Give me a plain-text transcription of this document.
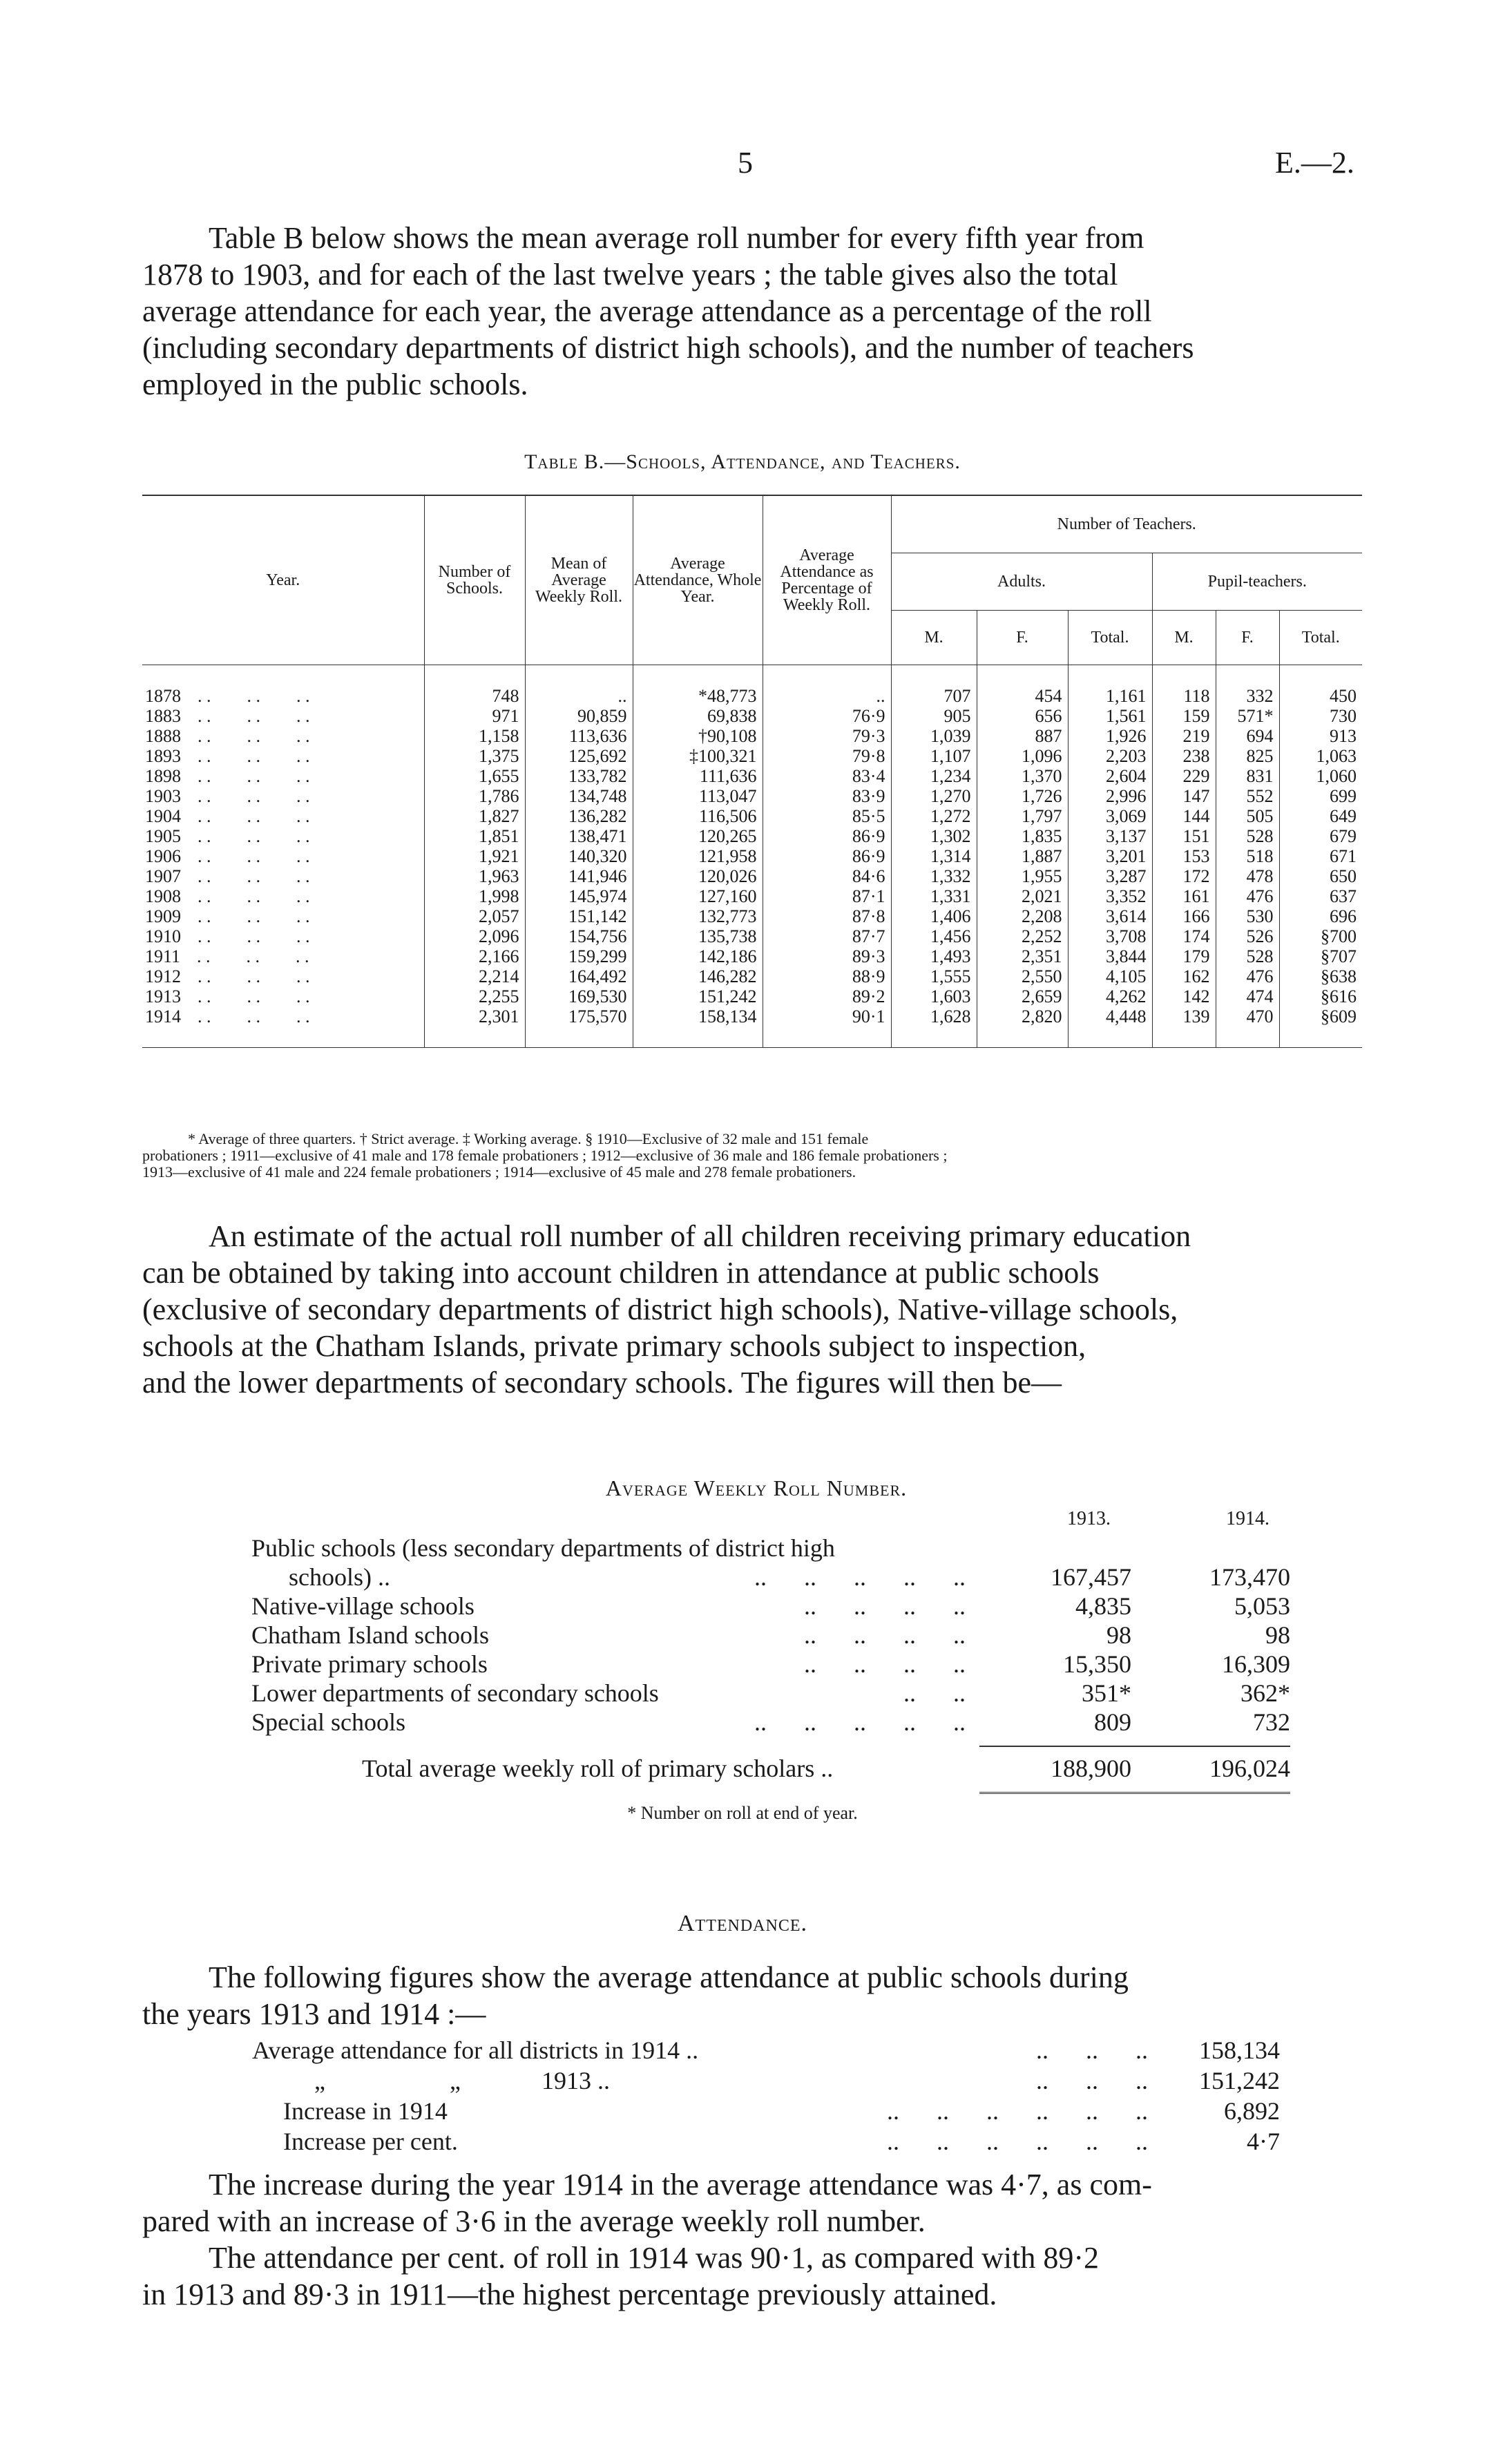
5	E.—2.
Table B below shows the mean average roll number for every fifth year from
1878 to 1903, and for each of the last twelve years ; the table gives also the total
average attendance for each year, the average attendance as a percentage of the roll
(including secondary departments of district high schools), and the number of teachers
employed in the public schools.
Table B.—Schools, Attendance, and Teachers.
Year.	Number of Schools.	Mean of Average Weekly Roll.	Average Attendance, Whole Year.	Average Attendance as Percentage of Weekly Roll.	Number of Teachers.					
					Adults.			Pupil-teachers.		
					M.	F.	Total.	M.	F.	Total.
1878 . .        . .        . .	748	..	*48,773	..	707	454	1,161	118	332	450
1883 . .        . .        . .	971	90,859	69,838	76·9	905	656	1,561	159	571*	730
1888 . .        . .        . .	1,158	113,636	†90,108	79·3	1,039	887	1,926	219	694	913
1893 . .        . .        . .	1,375	125,692	‡100,321	79·8	1,107	1,096	2,203	238	825	1,063
1898 . .        . .        . .	1,655	133,782	111,636	83·4	1,234	1,370	2,604	229	831	1,060
1903 . .        . .        . .	1,786	134,748	113,047	83·9	1,270	1,726	2,996	147	552	699
1904 . .        . .        . .	1,827	136,282	116,506	85·5	1,272	1,797	3,069	144	505	649
1905 . .        . .        . .	1,851	138,471	120,265	86·9	1,302	1,835	3,137	151	528	679
1906 . .        . .        . .	1,921	140,320	121,958	86·9	1,314	1,887	3,201	153	518	671
1907 . .        . .        . .	1,963	141,946	120,026	84·6	1,332	1,955	3,287	172	478	650
1908 . .        . .        . .	1,998	145,974	127,160	87·1	1,331	2,021	3,352	161	476	637
1909 . .        . .        . .	2,057	151,142	132,773	87·8	1,406	2,208	3,614	166	530	696
1910 . .        . .        . .	2,096	154,756	135,738	87·7	1,456	2,252	3,708	174	526	§700
1911 . .        . .        . .	2,166	159,299	142,186	89·3	1,493	2,351	3,844	179	528	§707
1912 . .        . .        . .	2,214	164,492	146,282	88·9	1,555	2,550	4,105	162	476	§638
1913 . .        . .        . .	2,255	169,530	151,242	89·2	1,603	2,659	4,262	142	474	§616
1914 . .        . .        . .	2,301	175,570	158,134	90·1	1,628	2,820	4,448	139	470	§609
* Average of three quarters. † Strict average. ‡ Working average. § 1910—Exclusive of 32 male and 151 female
probationers ; 1911—exclusive of 41 male and 178 female probationers ; 1912—exclusive of 36 male and 186 female probationers ;
1913—exclusive of 41 male and 224 female probationers ; 1914—exclusive of 45 male and 278 female probationers.
An estimate of the actual roll number of all children receiving primary education
can be obtained by taking into account children in attendance at public schools
(exclusive of secondary departments of district high schools), Native-village schools,
schools at the Chatham Islands, private primary schools subject to inspection,
and the lower departments of secondary schools. The figures will then be—
Average Weekly Roll Number.
	1913.	1914.
Public schools (less secondary departments of district high

schools) .. ..      ..      ..      ..      ..	167,457	173,470
Native-village schools ..      ..      ..      ..	4,835	5,053
Chatham Island schools ..      ..      ..      ..	98	98
Private primary schools ..      ..      ..      ..	15,350	16,309
Lower departments of secondary schools ..      ..	351*	362*
Special schools ..      ..      ..      ..      ..	809	732

Total average weekly roll of primary scholars ..	188,900	196,024

* Number on roll at end of year.
Attendance.
The following figures show the average attendance at public schools during
the years 1913 and 1914 :—
Average attendance for all districts in 1914 ..	..      ..      ..	158,134
„                    „             1913 ..	..      ..      ..	151,242
Increase in 1914	..      ..      ..      ..      ..      ..	6,892
Increase per cent.	..      ..      ..      ..      ..      ..	4·7
The increase during the year 1914 in the average attendance was 4·7, as com-
pared with an increase of 3·6 in the average weekly roll number.
The attendance per cent. of roll in 1914 was 90·1, as compared with 89·2
in 1913 and 89·3 in 1911—the highest percentage previously attained.
